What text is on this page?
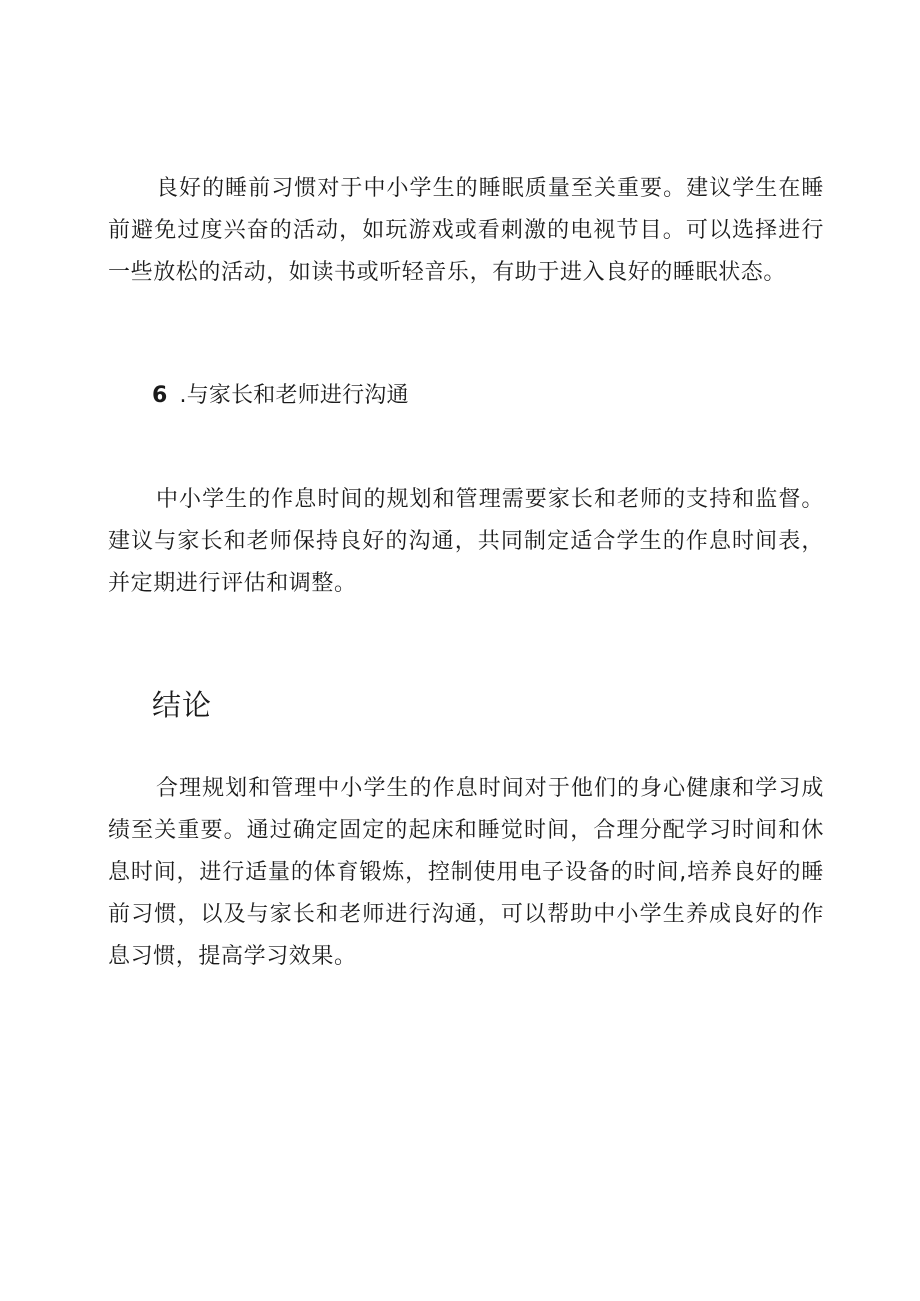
良好的睡前习惯对于中小学生的睡眠质量至关重要。建议学生在睡前避免过度兴奋的活动，如玩游戏或看刺激的电视节目。可以选择进行一些放松的活动，如读书或听轻音乐，有助于进入良好的睡眠状态。

6 .与家长和老师进行沟通

中小学生的作息时间的规划和管理需要家长和老师的支持和监督。建议与家长和老师保持良好的沟通，共同制定适合学生的作息时间表，并定期进行评估和调整。

结论

合理规划和管理中小学生的作息时间对于他们的身心健康和学习成绩至关重要。通过确定固定的起床和睡觉时间，合理分配学习时间和休息时间，进行适量的体育锻炼，控制使用电子设备的时间,培养良好的睡前习惯，以及与家长和老师进行沟通，可以帮助中小学生养成良好的作息习惯，提高学习效果。
